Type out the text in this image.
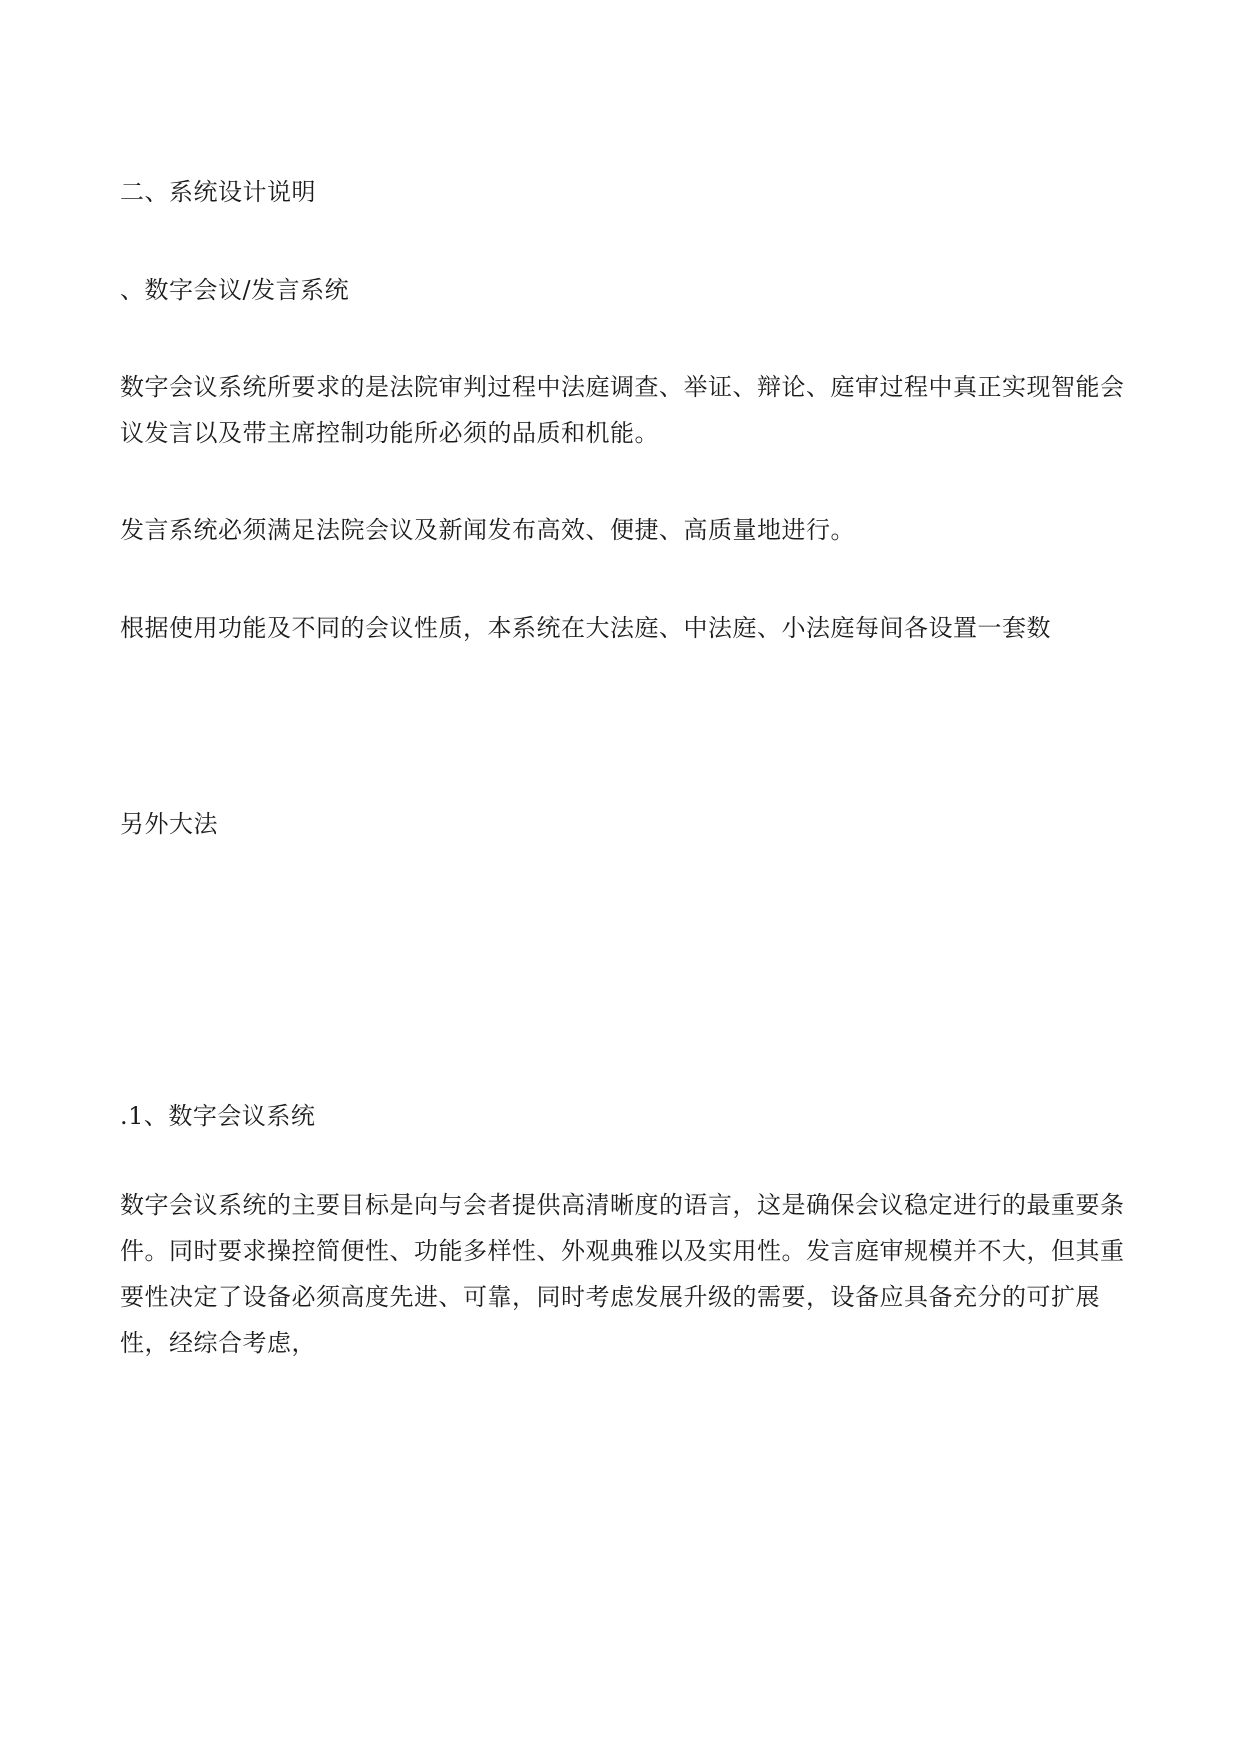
二、系统设计说明
、数字会议/发言系统
数字会议系统所要求的是法院审判过程中法庭调查、举证、辩论、庭审过程中真正实现智能会议发言以及带主席控制功能所必须的品质和机能。
发言系统必须满足法院会议及新闻发布高效、便捷、高质量地进行。
根据使用功能及不同的会议性质，本系统在大法庭、中法庭、小法庭每间各设置一套数
另外大法
.1、数字会议系统
数字会议系统的主要目标是向与会者提供高清晰度的语言，这是确保会议稳定进行的最重要条件。同时要求操控简便性、功能多样性、外观典雅以及实用性。发言庭审规模并不大，但其重要性决定了设备必须高度先进、可靠，同时考虑发展升级的需要，设备应具备充分的可扩展性，经综合考虑，
